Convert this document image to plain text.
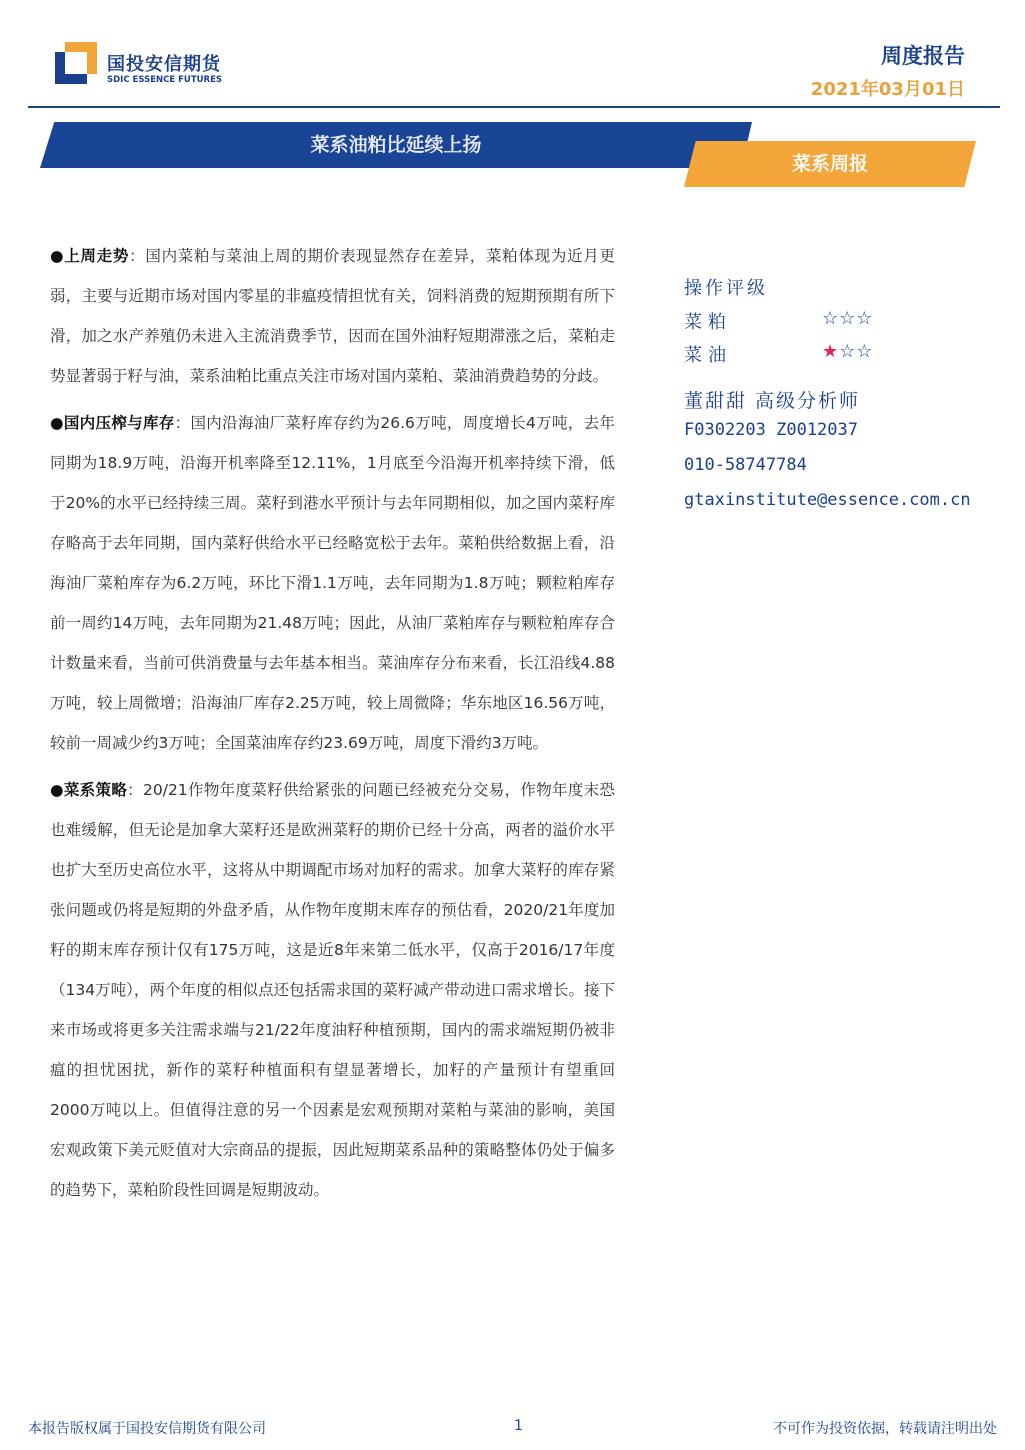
国投安信期货
SDIC ESSENCE FUTURES
周度报告
2021年03月01日
菜系油粕比延续上扬
菜系周报

●上周走势：国内菜粕与菜油上周的期价表现显然存在差异，菜粕体现为近月更弱，主要与近期市场对国内零星的非瘟疫情担忧有关，饲料消费的短期预期有所下滑，加之水产养殖仍未进入主流消费季节，因而在国外油籽短期滞涨之后，菜粕走势显著弱于籽与油，菜系油粕比重点关注市场对国内菜粕、菜油消费趋势的分歧。

●国内压榨与库存：国内沿海油厂菜籽库存约为26.6万吨，周度增长4万吨，去年同期为18.9万吨，沿海开机率降至12.11%，1月底至今沿海开机率持续下滑，低于20%的水平已经持续三周。菜籽到港水平预计与去年同期相似，加之国内菜籽库存略高于去年同期，国内菜籽供给水平已经略宽松于去年。菜粕供给数据上看，沿海油厂菜粕库存为6.2万吨，环比下滑1.1万吨，去年同期为1.8万吨；颗粒粕库存前一周约14万吨，去年同期为21.48万吨；因此，从油厂菜粕库存与颗粒粕库存合计数量来看，当前可供消费量与去年基本相当。菜油库存分布来看，长江沿线4.88万吨，较上周微增；沿海油厂库存2.25万吨，较上周微降；华东地区16.56万吨，较前一周减少约3万吨；全国菜油库存约23.69万吨，周度下滑约3万吨。

●菜系策略：20/21作物年度菜籽供给紧张的问题已经被充分交易，作物年度末恐也难缓解，但无论是加拿大菜籽还是欧洲菜籽的期价已经十分高，两者的溢价水平也扩大至历史高位水平，这将从中期调配市场对加籽的需求。加拿大菜籽的库存紧张问题或仍将是短期的外盘矛盾，从作物年度期末库存的预估看，2020/21年度加籽的期末库存预计仅有175万吨，这是近8年来第二低水平，仅高于2016/17年度（134万吨），两个年度的相似点还包括需求国的菜籽减产带动进口需求增长。接下来市场或将更多关注需求端与21/22年度油籽种植预期，国内的需求端短期仍被非瘟的担忧困扰，新作的菜籽种植面积有望显著增长，加籽的产量预计有望重回2000万吨以上。但值得注意的另一个因素是宏观预期对菜粕与菜油的影响，美国宏观政策下美元贬值对大宗商品的提振，因此短期菜系品种的策略整体仍处于偏多的趋势下，菜粕阶段性回调是短期波动。

操作评级
菜粕	☆☆☆
菜油	★☆☆
董甜甜 高级分析师
F0302203 Z0012037
010-58747784
gtaxinstitute@essence.com.cn
本报告版权属于国投安信期货有限公司	1	不可作为投资依据，转载请注明出处
